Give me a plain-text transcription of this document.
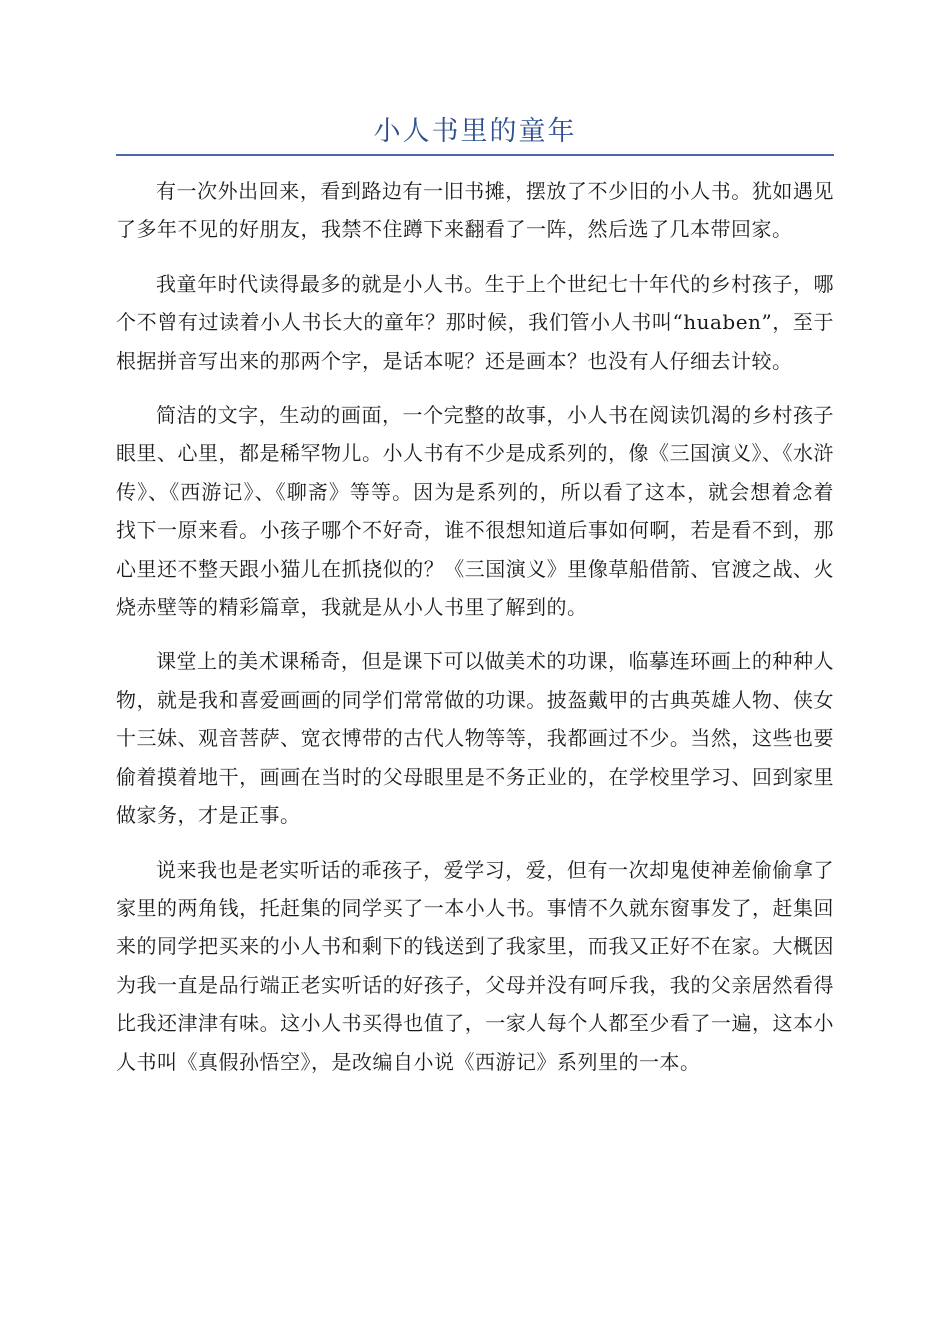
小人书里的童年

有一次外出回来，看到路边有一旧书摊，摆放了不少旧的小人书。犹如遇见了多年不见的好朋友，我禁不住蹲下来翻看了一阵，然后选了几本带回家。

我童年时代读得最多的就是小人书。生于上个世纪七十年代的乡村孩子，哪个不曾有过读着小人书长大的童年？那时候，我们管小人书叫“huaben”，至于根据拼音写出来的那两个字，是话本呢？还是画本？也没有人仔细去计较。

简洁的文字，生动的画面，一个完整的故事，小人书在阅读饥渴的乡村孩子眼里、心里，都是稀罕物儿。小人书有不少是成系列的，像《三国演义》、《水浒传》、《西游记》、《聊斋》等等。因为是系列的，所以看了这本，就会想着念着找下一原来看。小孩子哪个不好奇，谁不很想知道后事如何啊，若是看不到，那心里还不整天跟小猫儿在抓挠似的？《三国演义》里像草船借箭、官渡之战、火烧赤壁等的精彩篇章，我就是从小人书里了解到的。

课堂上的美术课稀奇，但是课下可以做美术的功课，临摹连环画上的种种人物，就是我和喜爱画画的同学们常常做的功课。披盔戴甲的古典英雄人物、侠女十三妹、观音菩萨、宽衣博带的古代人物等等，我都画过不少。当然，这些也要偷着摸着地干，画画在当时的父母眼里是不务正业的，在学校里学习、回到家里做家务，才是正事。

说来我也是老实听话的乖孩子，爱学习，爱，但有一次却鬼使神差偷偷拿了家里的两角钱，托赶集的同学买了一本小人书。事情不久就东窗事发了，赶集回来的同学把买来的小人书和剩下的钱送到了我家里，而我又正好不在家。大概因为我一直是品行端正老实听话的好孩子，父母并没有呵斥我，我的父亲居然看得比我还津津有味。这小人书买得也值了，一家人每个人都至少看了一遍，这本小人书叫《真假孙悟空》，是改编自小说《西游记》系列里的一本。
